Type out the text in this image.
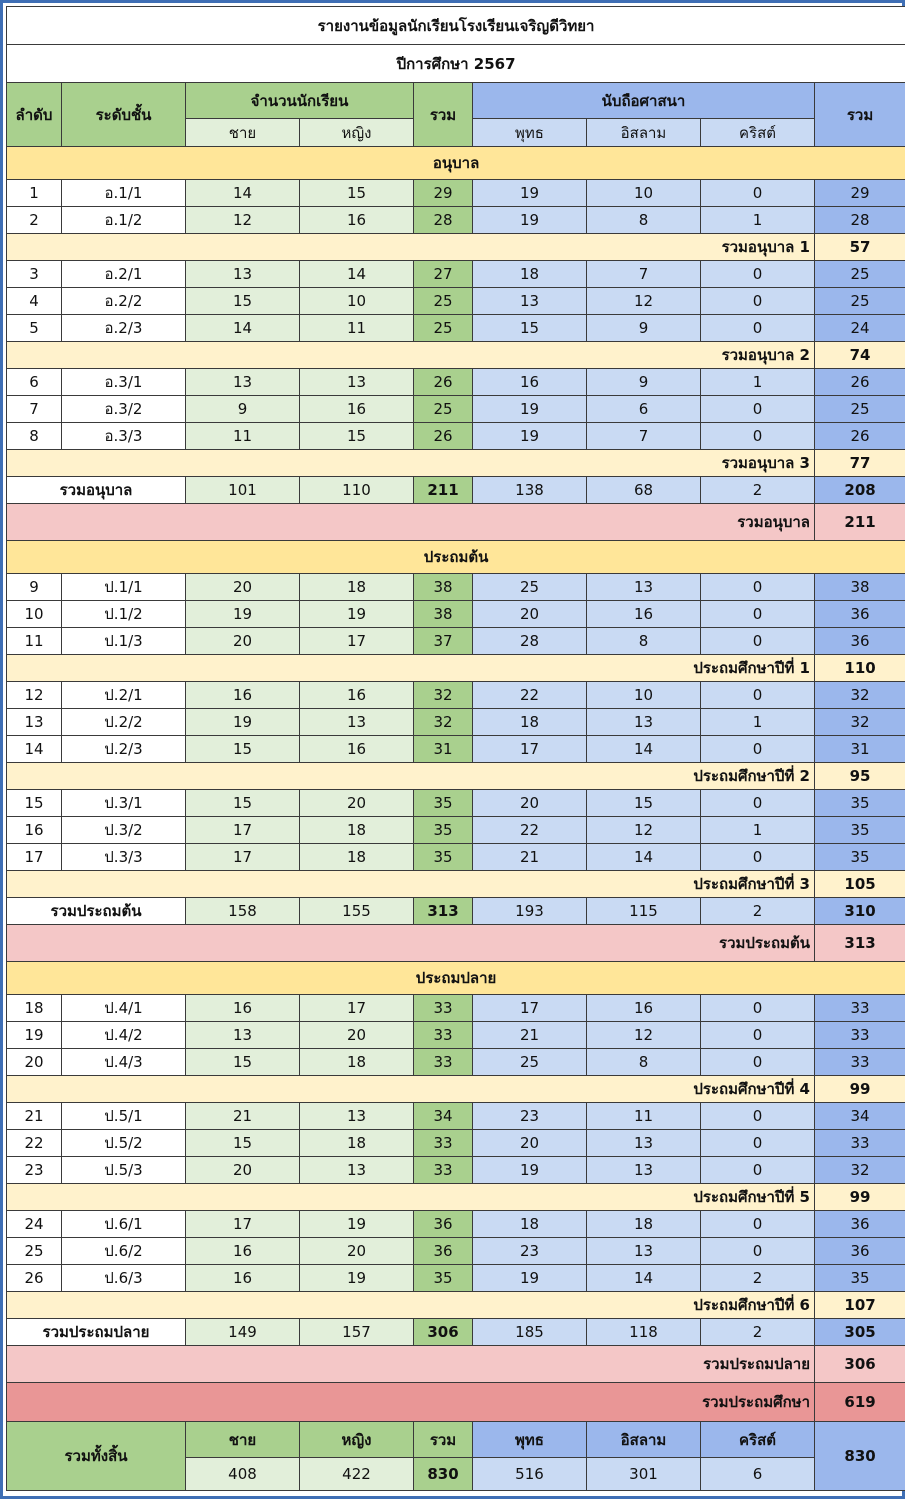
รายงานข้อมูลนักเรียนโรงเรียนเจริญดีวิทยา								
ปีการศึกษา 2567								
ลำดับ	ระดับชั้น	จำนวนนักเรียน		รวม	นับถือศาสนา			รวม
		ชาย	หญิง		พุทธ	อิสลาม	คริสต์	
อนุบาล								
1	อ.1/1	14	15	29	19	10	0	29
2	อ.1/2	12	16	28	19	8	1	28
รวมอนุบาล 1								57
3	อ.2/1	13	14	27	18	7	0	25
4	อ.2/2	15	10	25	13	12	0	25
5	อ.2/3	14	11	25	15	9	0	24
รวมอนุบาล 2								74
6	อ.3/1	13	13	26	16	9	1	26
7	อ.3/2	9	16	25	19	6	0	25
8	อ.3/3	11	15	26	19	7	0	26
รวมอนุบาล 3								77
รวมอนุบาล		101	110	211	138	68	2	208
รวมอนุบาล								211
ประถมต้น								
9	ป.1/1	20	18	38	25	13	0	38
10	ป.1/2	19	19	38	20	16	0	36
11	ป.1/3	20	17	37	28	8	0	36
ประถมศึกษาปีที่ 1								110
12	ป.2/1	16	16	32	22	10	0	32
13	ป.2/2	19	13	32	18	13	1	32
14	ป.2/3	15	16	31	17	14	0	31
ประถมศึกษาปีที่ 2								95
15	ป.3/1	15	20	35	20	15	0	35
16	ป.3/2	17	18	35	22	12	1	35
17	ป.3/3	17	18	35	21	14	0	35
ประถมศึกษาปีที่ 3								105
รวมประถมต้น		158	155	313	193	115	2	310
รวมประถมต้น								313
ประถมปลาย								
18	ป.4/1	16	17	33	17	16	0	33
19	ป.4/2	13	20	33	21	12	0	33
20	ป.4/3	15	18	33	25	8	0	33
ประถมศึกษาปีที่ 4								99
21	ป.5/1	21	13	34	23	11	0	34
22	ป.5/2	15	18	33	20	13	0	33
23	ป.5/3	20	13	33	19	13	0	32
ประถมศึกษาปีที่ 5								99
24	ป.6/1	17	19	36	18	18	0	36
25	ป.6/2	16	20	36	23	13	0	36
26	ป.6/3	16	19	35	19	14	2	35
ประถมศึกษาปีที่ 6								107
รวมประถมปลาย		149	157	306	185	118	2	305
รวมประถมปลาย								306
รวมประถมศึกษา								619
รวมทั้งสิ้น		ชาย	หญิง	รวม	พุทธ	อิสลาม	คริสต์	830
		408	422	830	516	301	6	
